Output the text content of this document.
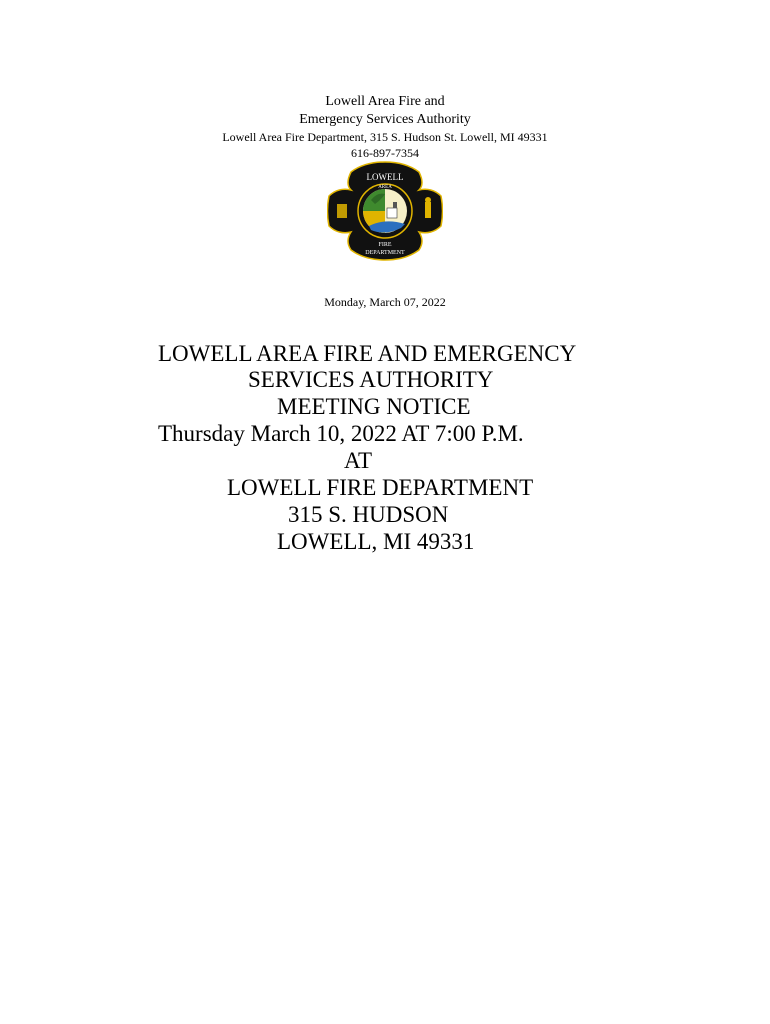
Lowell Area Fire and
Emergency Services Authority
Lowell Area Fire Department, 315 S. Hudson St. Lowell, MI 49331
616-897-7354
LOWELL
AREA
FIRE
DEPARTMENT
Monday, March 07, 2022
LOWELL AREA FIRE AND EMERGENCY
SERVICES AUTHORITY
MEETING NOTICE
Thursday March 10, 2022 AT 7:00 P.M.
AT
LOWELL FIRE DEPARTMENT
315 S. HUDSON
LOWELL, MI 49331
